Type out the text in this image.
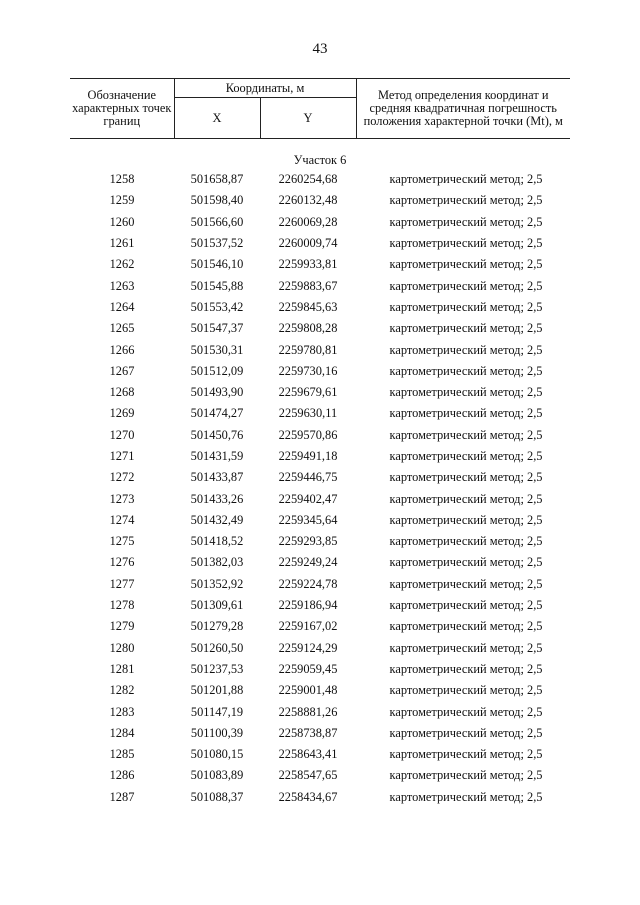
43
Обозначение характерных точек границ	Координаты, м		Метод определения координат и средняя квадратичная погрешность положения характерной точки (Mt), м
	X	Y	
Участок 6			
1258	501658,87	2260254,68	картометрический метод; 2,5
1259	501598,40	2260132,48	картометрический метод; 2,5
1260	501566,60	2260069,28	картометрический метод; 2,5
1261	501537,52	2260009,74	картометрический метод; 2,5
1262	501546,10	2259933,81	картометрический метод; 2,5
1263	501545,88	2259883,67	картометрический метод; 2,5
1264	501553,42	2259845,63	картометрический метод; 2,5
1265	501547,37	2259808,28	картометрический метод; 2,5
1266	501530,31	2259780,81	картометрический метод; 2,5
1267	501512,09	2259730,16	картометрический метод; 2,5
1268	501493,90	2259679,61	картометрический метод; 2,5
1269	501474,27	2259630,11	картометрический метод; 2,5
1270	501450,76	2259570,86	картометрический метод; 2,5
1271	501431,59	2259491,18	картометрический метод; 2,5
1272	501433,87	2259446,75	картометрический метод; 2,5
1273	501433,26	2259402,47	картометрический метод; 2,5
1274	501432,49	2259345,64	картометрический метод; 2,5
1275	501418,52	2259293,85	картометрический метод; 2,5
1276	501382,03	2259249,24	картометрический метод; 2,5
1277	501352,92	2259224,78	картометрический метод; 2,5
1278	501309,61	2259186,94	картометрический метод; 2,5
1279	501279,28	2259167,02	картометрический метод; 2,5
1280	501260,50	2259124,29	картометрический метод; 2,5
1281	501237,53	2259059,45	картометрический метод; 2,5
1282	501201,88	2259001,48	картометрический метод; 2,5
1283	501147,19	2258881,26	картометрический метод; 2,5
1284	501100,39	2258738,87	картометрический метод; 2,5
1285	501080,15	2258643,41	картометрический метод; 2,5
1286	501083,89	2258547,65	картометрический метод; 2,5
1287	501088,37	2258434,67	картометрический метод; 2,5
